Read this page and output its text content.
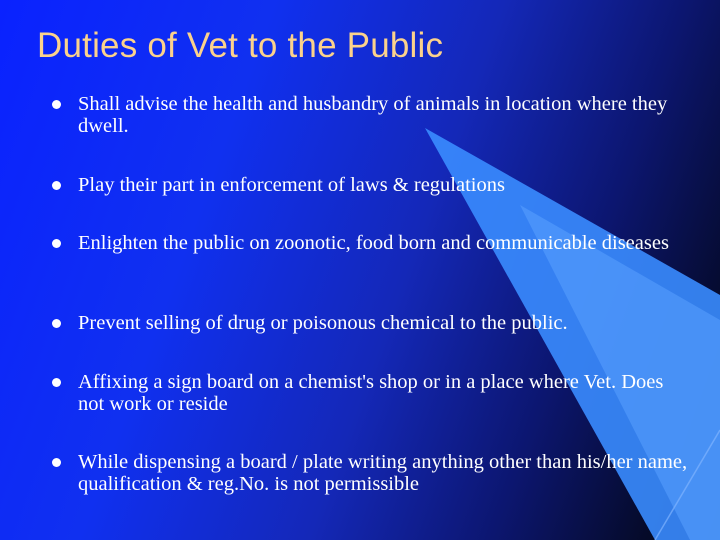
Duties of Vet to the Public
Shall advise the health and husbandry of animals in location where they dwell.
Play their part in enforcement of laws & regulations
Enlighten the public on zoonotic, food born and communicable diseases
Prevent selling of drug or poisonous chemical to the public.
Affixing a sign board on a chemist's shop or in a place where Vet. Does not work or reside
While dispensing a board / plate writing anything other than his/her name, qualification & reg.No. is not permissible
